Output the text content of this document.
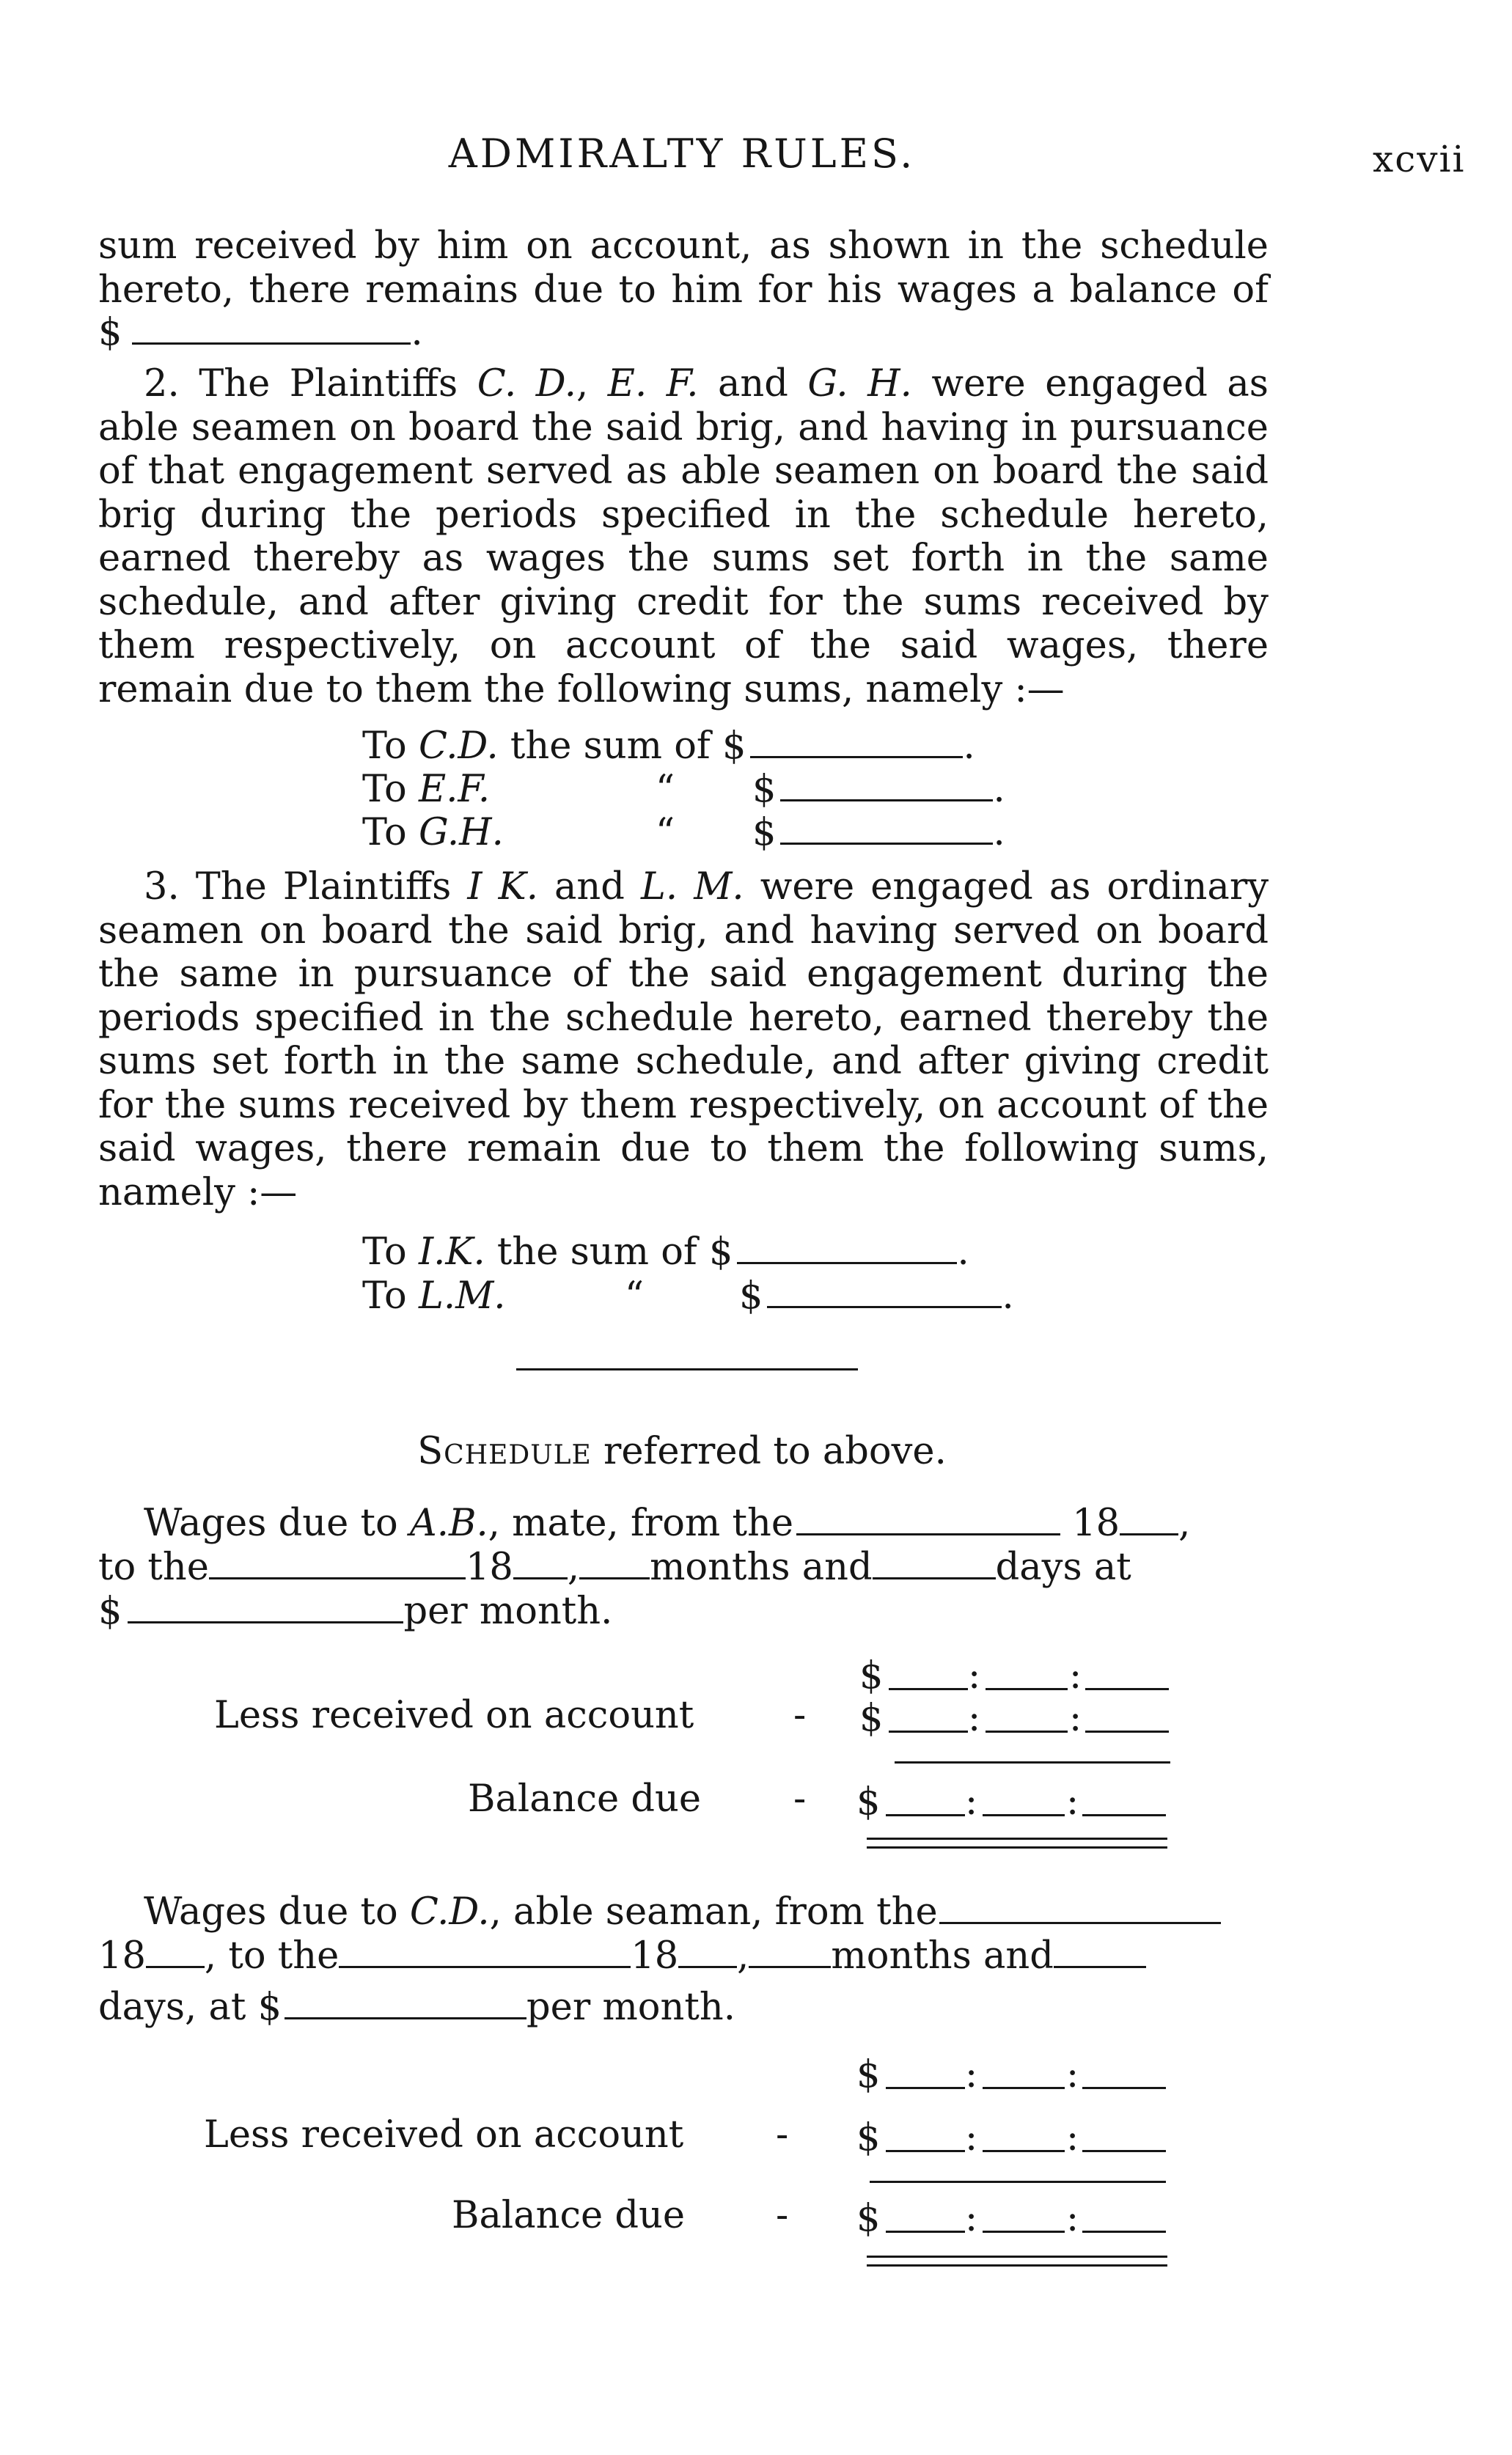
ADMIRALTY RULES.	xcvii
sum received by him on account, as shown in the schedule
hereto, there remains due to him for his wages a balance of
$	.
2. The Plaintiffs C. D., E. F. and G. H. were engaged as able seamen on board the said brig, and having in pursuance of that engagement served as able seamen on board the said brig during the periods specified in the schedule hereto, earned thereby as wages the sums set forth in the same schedule, and after giving credit for the sums received by them respectively, on account of the said wages, there remain due to them the following sums, namely :—
To C.D. the sum of $	.
To E.F.	“ $	.
To G.H.	“ $	.
3. The Plaintiffs I K. and L. M. were engaged as ordinary seamen on board the said brig, and having served on board the same in pursuance of the said engagement during the periods specified in the schedule hereto, earned thereby the sums set forth in the same schedule, and after giving credit for the sums received by them respectively, on account of the said wages, there remain due to them the following sums, namely :—
To I.K. the sum of $	.
To L.M.	“	$	.
Schedule referred to above.
Wages due to A.B., mate, from the	18 ,
to the	18 , months and	days at
$	per month.
$ : :
Less received on account	- $ : :
Balance due - $ : :
Wages due to C.D., able seaman, from the
18 , to the	18 , months and
days, at $	per month.
$ : :
Less received on account - $ : :
Balance due - $ : :
